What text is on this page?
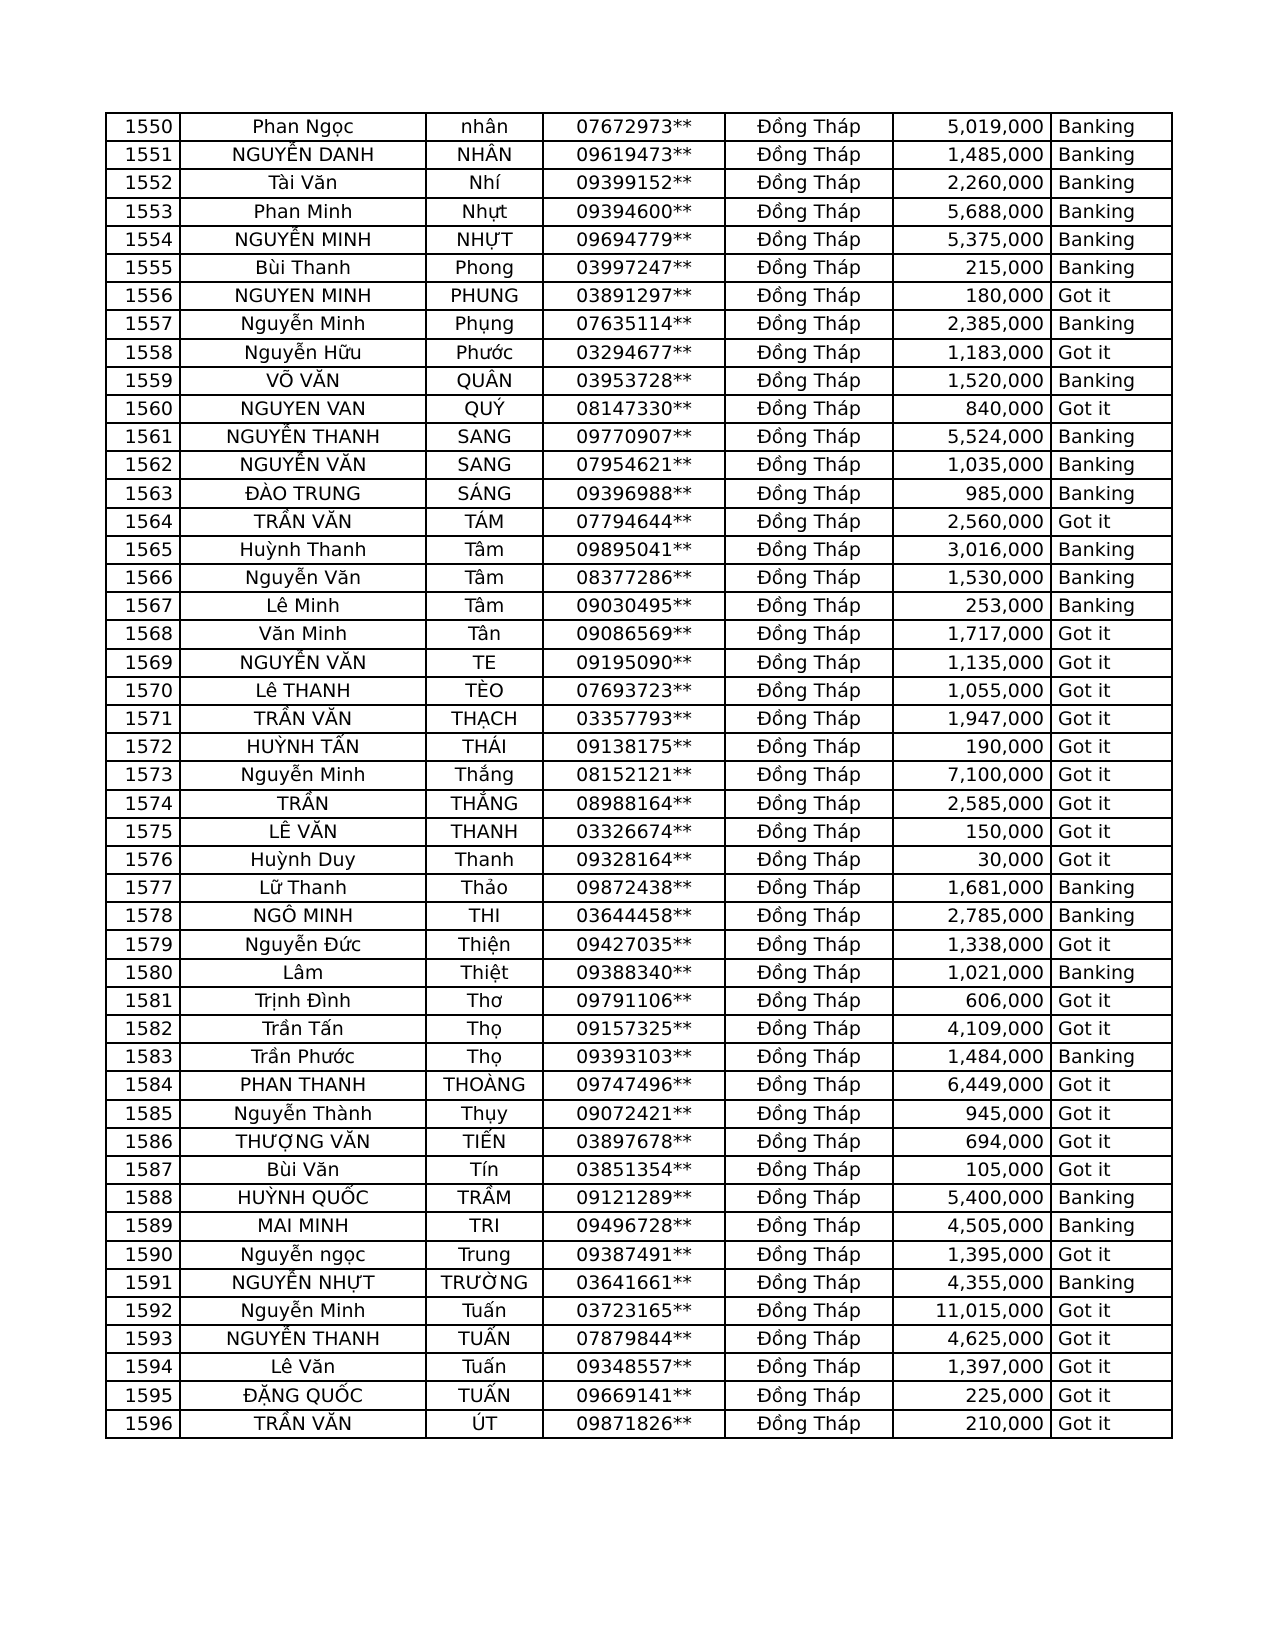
1550	Phan Ngọc	nhân	07672973**	Đồng Tháp	5,019,000	Banking
1551	NGUYỄN DANH	NHÂN	09619473**	Đồng Tháp	1,485,000	Banking
1552	Tài Văn	Nhí	09399152**	Đồng Tháp	2,260,000	Banking
1553	Phan Minh	Nhựt	09394600**	Đồng Tháp	5,688,000	Banking
1554	NGUYỄN MINH	NHỰT	09694779**	Đồng Tháp	5,375,000	Banking
1555	Bùi Thanh	Phong	03997247**	Đồng Tháp	215,000	Banking
1556	NGUYEN MINH	PHUNG	03891297**	Đồng Tháp	180,000	Got it
1557	Nguyễn Minh	Phụng	07635114**	Đồng Tháp	2,385,000	Banking
1558	Nguyễn Hữu	Phước	03294677**	Đồng Tháp	1,183,000	Got it
1559	VÕ VĂN	QUÂN	03953728**	Đồng Tháp	1,520,000	Banking
1560	NGUYEN VAN	QUÝ	08147330**	Đồng Tháp	840,000	Got it
1561	NGUYỄN THANH	SANG	09770907**	Đồng Tháp	5,524,000	Banking
1562	NGUYỄN VĂN	SANG	07954621**	Đồng Tháp	1,035,000	Banking
1563	ĐÀO TRUNG	SÁNG	09396988**	Đồng Tháp	985,000	Banking
1564	TRẦN VĂN	TÁM	07794644**	Đồng Tháp	2,560,000	Got it
1565	Huỳnh Thanh	Tâm	09895041**	Đồng Tháp	3,016,000	Banking
1566	Nguyễn Văn	Tâm	08377286**	Đồng Tháp	1,530,000	Banking
1567	Lê Minh	Tâm	09030495**	Đồng Tháp	253,000	Banking
1568	Văn Minh	Tân	09086569**	Đồng Tháp	1,717,000	Got it
1569	NGUYỄN VĂN	TE	09195090**	Đồng Tháp	1,135,000	Got it
1570	Lê THANH	TÈO	07693723**	Đồng Tháp	1,055,000	Got it
1571	TRẦN VĂN	THẠCH	03357793**	Đồng Tháp	1,947,000	Got it
1572	HUỲNH TẤN	THÁI	09138175**	Đồng Tháp	190,000	Got it
1573	Nguyễn Minh	Thắng	08152121**	Đồng Tháp	7,100,000	Got it
1574	TRẦN	THẮNG	08988164**	Đồng Tháp	2,585,000	Got it
1575	LÊ VĂN	THANH	03326674**	Đồng Tháp	150,000	Got it
1576	Huỳnh Duy	Thanh	09328164**	Đồng Tháp	30,000	Got it
1577	Lữ Thanh	Thảo	09872438**	Đồng Tháp	1,681,000	Banking
1578	NGÔ MINH	THI	03644458**	Đồng Tháp	2,785,000	Banking
1579	Nguyễn Đức	Thiện	09427035**	Đồng Tháp	1,338,000	Got it
1580	Lâm	Thiệt	09388340**	Đồng Tháp	1,021,000	Banking
1581	Trịnh Đình	Thơ	09791106**	Đồng Tháp	606,000	Got it
1582	Trần Tấn	Thọ	09157325**	Đồng Tháp	4,109,000	Got it
1583	Trần Phước	Thọ	09393103**	Đồng Tháp	1,484,000	Banking
1584	PHAN THANH	THOÀNG	09747496**	Đồng Tháp	6,449,000	Got it
1585	Nguyễn Thành	Thụy	09072421**	Đồng Tháp	945,000	Got it
1586	THƯỢNG VĂN	TIẾN	03897678**	Đồng Tháp	694,000	Got it
1587	Bùi Văn	Tín	03851354**	Đồng Tháp	105,000	Got it
1588	HUỲNH QUỐC	TRẦM	09121289**	Đồng Tháp	5,400,000	Banking
1589	MAI MINH	TRI	09496728**	Đồng Tháp	4,505,000	Banking
1590	Nguyễn ngọc	Trung	09387491**	Đồng Tháp	1,395,000	Got it
1591	NGUYỄN NHỰT	TRƯỜNG	03641661**	Đồng Tháp	4,355,000	Banking
1592	Nguyễn Minh	Tuấn	03723165**	Đồng Tháp	11,015,000	Got it
1593	NGUYỄN THANH	TUẤN	07879844**	Đồng Tháp	4,625,000	Got it
1594	Lê Văn	Tuấn	09348557**	Đồng Tháp	1,397,000	Got it
1595	ĐẶNG QUỐC	TUẤN	09669141**	Đồng Tháp	225,000	Got it
1596	TRẦN VĂN	ÚT	09871826**	Đồng Tháp	210,000	Got it
